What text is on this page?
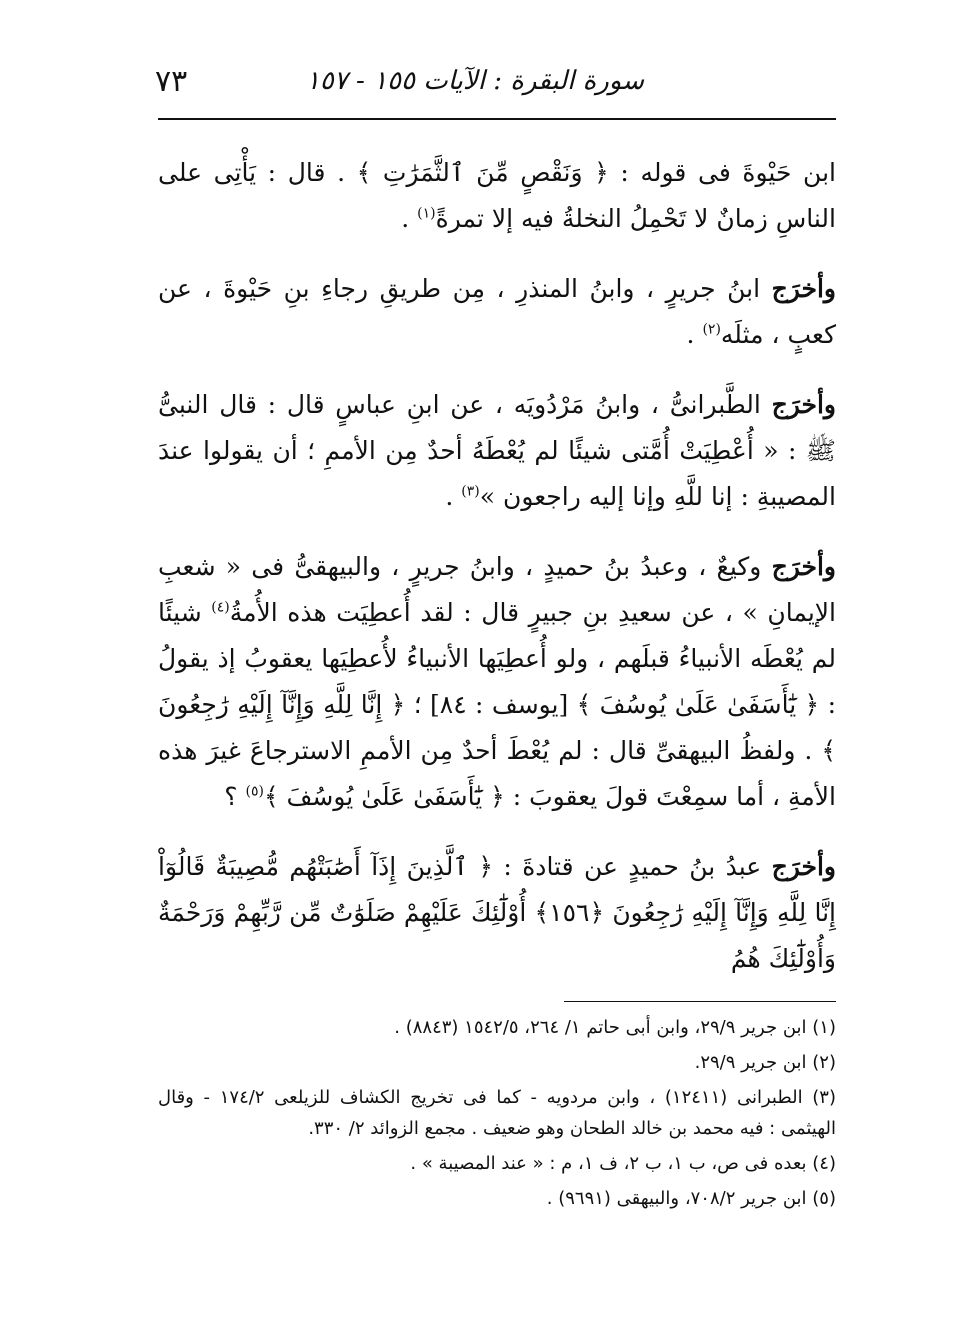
٧٣	سورة البقرة : الآيات ١٥٥ - ١٥٧

ابن حَيْوةَ فى قوله : ﴿ وَنَقْصٍ مِّنَ ٱلثَّمَرَٰتِ ﴾ . قال : يَأْتِى على الناسِ زمانٌ لا تَحْمِلُ النخلةُ فيه إلا تمرةً$^{(١)}$ .

وأخرَج ابنُ جريرٍ ، وابنُ المنذرِ ، مِن طريقِ رجاءِ بنِ حَيْوةَ ، عن كعبٍ ، مثلَه$^{(٢)}$ .

وأخرَج الطَّبرانىُّ ، وابنُ مَرْدُويَه ، عن ابنِ عباسٍ قال : قال النبىُّ ﷺ : « أُعْطِيَتْ أُمَّتى شيئًا لم يُعْطَهُ أحدٌ مِن الأممِ ؛ أن يقولوا عندَ المصيبةِ : إنا للَّهِ وإنا إليه راجعون »$^{(٣)}$ .

وأخرَج وكيعٌ ، وعبدُ بنُ حميدٍ ، وابنُ جريرٍ ، والبيهقىُّ فى « شعبِ الإيمانِ » ، عن سعيدِ بنِ جبيرٍ قال : لقد أُعطِيَت هذه الأُمةُ$^{(٤)}$ شيئًا لم يُعْطَه الأنبياءُ قبلَهم ، ولو أُعطِيَها الأنبياءُ لأُعطِيَها يعقوبُ إذ يقولُ : ﴿ يَٰٓأَسَفَىٰ عَلَىٰ يُوسُفَ ﴾ [يوسف : ٨٤] ؛ ﴿ إِنَّا لِلَّهِ وَإِنَّآ إِلَيْهِ رَٰجِعُونَ ﴾ . ولفظُ البيهقىِّ قال : لم يُعْطَ أحدٌ مِن الأممِ الاسترجاعَ غيرَ هذه الأمةِ ، أما سمِعْتَ قولَ يعقوبَ : ﴿ يَٰٓأَسَفَىٰ عَلَىٰ يُوسُفَ ﴾$^{(٥)}$ ؟

وأخرَج عبدُ بنُ حميدٍ عن قتادةَ : ﴿ ٱلَّذِينَ إِذَآ أَصَٰبَتْهُم مُّصِيبَةٌ قَالُوٓاْ إِنَّا لِلَّهِ وَإِنَّآ إِلَيْهِ رَٰجِعُونَ ﴿١٥٦﴾ أُوْلَٰٓئِكَ عَلَيْهِمْ صَلَوَٰتٌ مِّن رَّبِّهِمْ وَرَحْمَةٌ وَأُوْلَٰٓئِكَ هُمُ

(١) ابن جرير ٢٩/٩، وابن أبى حاتم ١/ ٢٦٤، ١٥٤٢/٥ (٨٨٤٣) .

(٢) ابن جرير ٢٩/٩.

(٣) الطبرانى (١٢٤١١) ، وابن مردويه - كما فى تخريج الكشاف للزيلعى ١٧٤/٢ - وقال الهيثمى : فيه محمد بن خالد الطحان وهو ضعيف . مجمع الزوائد ٢/ ٣٣٠.

(٤) بعده فى ص، ب ١، ب ٢، ف ١، م : « عند المصيبة » .

(٥) ابن جرير ٧٠٨/٢، والبيهقى (٩٦٩١) .
